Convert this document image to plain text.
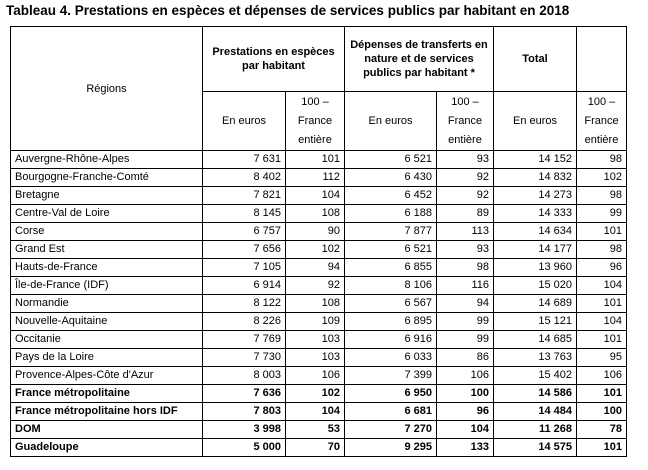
Tableau 4. Prestations en espèces et dépenses de services publics par habitant en 2018
Régions	Prestations en espèces par habitant		Dépenses de transferts en nature et de services publics par habitant *		Total	
	En euros	100 – France entière	En euros	100 – France entière	En euros	100 – France entière
Auvergne-Rhône-Alpes	7 631	101	6 521	93	14 152	98
Bourgogne-Franche-Comté	8 402	112	6 430	92	14 832	102
Bretagne	7 821	104	6 452	92	14 273	98
Centre-Val de Loire	8 145	108	6 188	89	14 333	99
Corse	6 757	90	7 877	113	14 634	101
Grand Est	7 656	102	6 521	93	14 177	98
Hauts-de-France	7 105	94	6 855	98	13 960	96
Île-de-France (IDF)	6 914	92	8 106	116	15 020	104
Normandie	8 122	108	6 567	94	14 689	101
Nouvelle-Aquitaine	8 226	109	6 895	99	15 121	104
Occitanie	7 769	103	6 916	99	14 685	101
Pays de la Loire	7 730	103	6 033	86	13 763	95
Provence-Alpes-Côte d'Azur	8 003	106	7 399	106	15 402	106
France métropolitaine	7 636	102	6 950	100	14 586	101
France métropolitaine hors IDF	7 803	104	6 681	96	14 484	100
DOM	3 998	53	7 270	104	11 268	78
Guadeloupe	5 000	70	9 295	133	14 575	101
